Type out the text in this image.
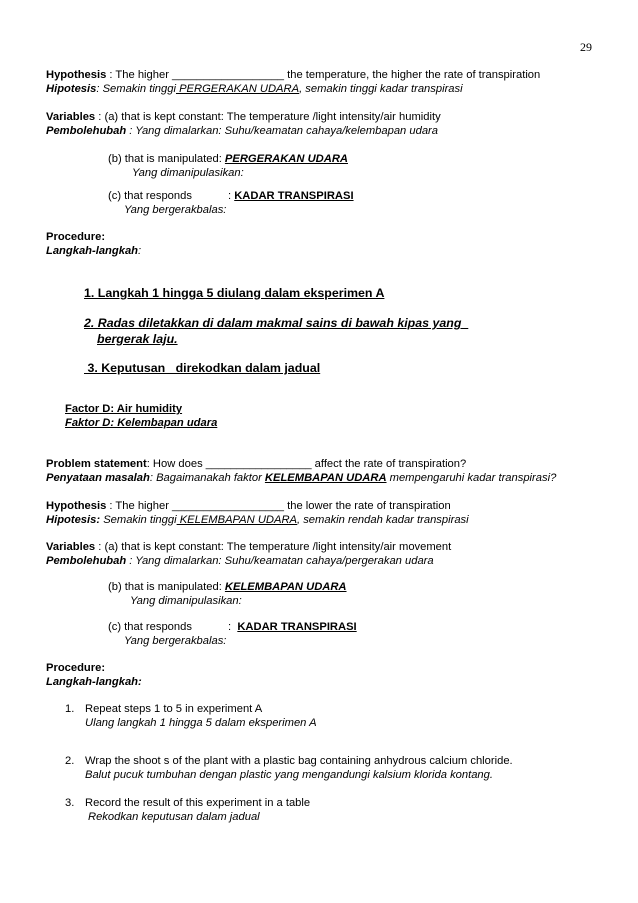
29
Hypothesis : The higher __________________ the temperature, the higher the rate of transpiration
Hipotesis: Semakin tinggi PERGERAKAN UDARA, semakin tinggi kadar transpirasi
Variables : (a) that is kept constant: The temperature /light intensity/air humidity
Pembolehubah : Yang dimalarkan: Suhu/keamatan cahaya/kelembapan udara
(b) that is manipulated: PERGERAKAN UDARA
Yang dimanipulasikan:
(c) that responds	: KADAR TRANSPIRASI
Yang bergerakbalas:
Procedure:
Langkah-langkah:
1. Langkah 1 hingga 5 diulang dalam eksperimen A
2. Radas diletakkan di dalam makmal sains di bawah kipas yang
bergerak laju.
3. Keputusan   direkodkan dalam jadual
Factor D: Air humidity
Faktor D: Kelembapan udara
Problem statement: How does _________________ affect the rate of transpiration?
Penyataan masalah: Bagaimanakah faktor KELEMBAPAN UDARA mempengaruhi kadar transpirasi?
Hypothesis : The higher __________________ the lower the rate of transpiration
Hipotesis: Semakin tinggi KELEMBAPAN UDARA, semakin rendah kadar transpirasi
Variables : (a) that is kept constant: The temperature /light intensity/air movement
Pembolehubah : Yang dimalarkan: Suhu/keamatan cahaya/pergerakan udara
(b) that is manipulated: KELEMBAPAN UDARA
Yang dimanipulasikan:
(c) that responds	:  KADAR TRANSPIRASI
Yang bergerakbalas:
Procedure:
Langkah-langkah:
1. Repeat steps 1 to 5 in experiment A
Ulang langkah 1 hingga 5 dalam eksperimen A
2. Wrap the shoot s of the plant with a plastic bag containing anhydrous calcium chloride.
Balut pucuk tumbuhan dengan plastic yang mengandungi kalsium klorida kontang.
3. Record the result of this experiment in a table
Rekodkan keputusan dalam jadual
